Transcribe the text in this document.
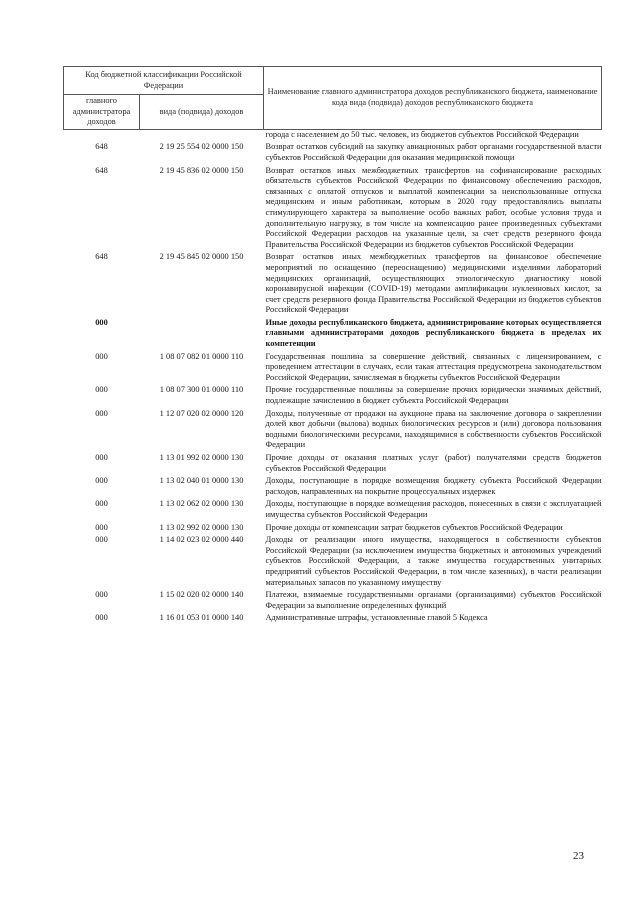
Код бюджетной классификации Российской Федерации		Наименование главного администратора доходов республиканского бюджета, наименование кода вида (подвида) доходов республиканского бюджета
главного администратора доходов	вида (подвида) доходов	
		города с населением до 50 тыс. человек, из бюджетов субъектов Российской Федерации
648	2 19 25 554 02 0000 150	Возврат остатков субсидий на закупку авиационных работ органами государственной власти субъектов Российской Федерации для оказания медицинской помощи
648	2 19 45 836 02 0000 150	Возврат остатков иных межбюджетных трансфертов на софинансирование расходных обязательств субъектов Российской Федерации по финансовому обеспечению расходов, связанных с оплатой отпусков и выплатой компенсации за неиспользованные отпуска медицинским и иным работникам, которым в 2020 году предоставлялись выплаты стимулирующего характера за выполнение особо важных работ, особые условия труда и дополнительную нагрузку, в том числе на компенсацию ранее произведенных субъектами Российской Федерации расходов на указанные цели, за счет средств резервного фонда Правительства Российской Федерации из бюджетов субъектов Российской Федерации
648	2 19 45 845 02 0000 150	Возврат остатков иных межбюджетных трансфертов на финансовое обеспечение мероприятий по оснащению (переоснащению) медицинскими изделиями лабораторий медицинских организаций, осуществляющих этиологическую диагностику новой коронавирусной инфекции (COVID-19) методами амплификации нуклеиновых кислот, за счет средств резервного фонда Правительства Российской Федерации из бюджетов субъектов Российской Федерации
000		Иные доходы республиканского бюджета, администрирование которых осуществляется главными администраторами доходов республиканского бюджета в пределах их компетенции
000	1 08 07 082 01 0000 110	Государственная пошлина за совершение действий, связанных с лицензированием, с проведением аттестации в случаях, если такая аттестация предусмотрена законодательством Российской Федерации, зачисляемая в бюджеты субъектов Российской Федерации
000	1 08 07 300 01 0000 110	Прочие государственные пошлины за совершение прочих юридически значимых действий, подлежащие зачислению в бюджет субъекта Российской Федерации
000	1 12 07 020 02 0000 120	Доходы, полученные от продажи на аукционе права на заключение договора о закреплении долей квот добычи (вылова) водных биологических ресурсов и (или) договора пользования водными биологическими ресурсами, находящимися в собственности субъектов Российской Федерации
000	1 13 01 992 02 0000 130	Прочие доходы от оказания платных услуг (работ) получателями средств бюджетов субъектов Российской Федерации
000	1 13 02 040 01 0000 130	Доходы, поступающие в порядке возмещения бюджету субъекта Российской Федерации расходов, направленных на покрытие процессуальных издержек
000	1 13 02 062 02 0000 130	Доходы, поступающие в порядке возмещения расходов, понесенных в связи с эксплуатацией имущества субъектов Российской Федерации
000	1 13 02 992 02 0000 130	Прочие доходы от компенсации затрат бюджетов субъектов Российской Федерации
000	1 14 02 023 02 0000 440	Доходы от реализации иного имущества, находящегося в собственности субъектов Российской Федерации (за исключением имущества бюджетных и автономных учреждений субъектов Российской Федерации, а также имущества государственных унитарных предприятий субъектов Российской Федерации, в том числе казенных), в части реализации материальных запасов по указанному имуществу
000	1 15 02 020 02 0000 140	Платежи, взимаемые государственными органами (организациями) субъектов Российской Федерации за выполнение определенных функций
000	1 16 01 053 01 0000 140	Административные штрафы, установленные главой 5 Кодекса
23
